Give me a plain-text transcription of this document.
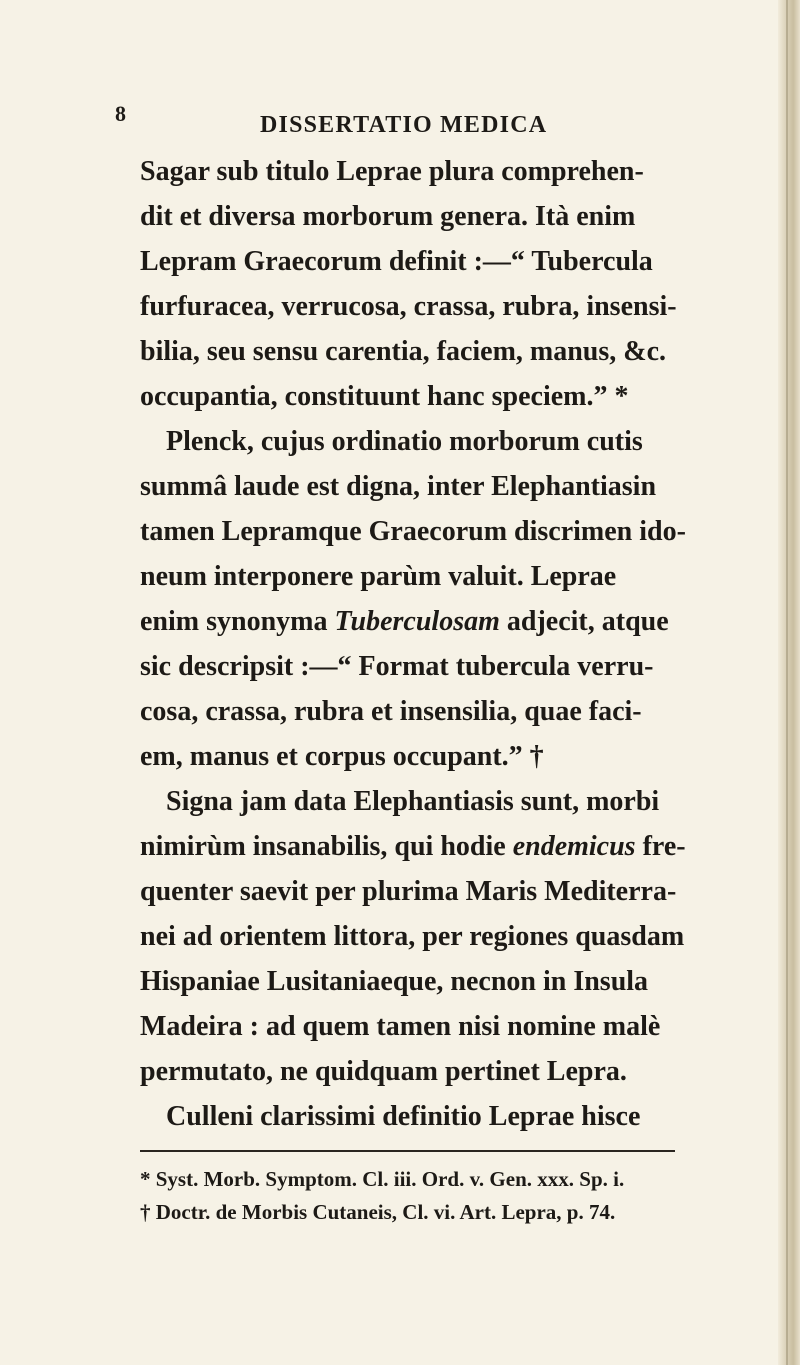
8	DISSERTATIO MEDICA
Sagar sub titulo Leprae plura comprehen-
dit et diversa morborum genera. Ità enim
Lepram Graecorum definit :—“ Tubercula
furfuracea, verrucosa, crassa, rubra, insensi-
bilia, seu sensu carentia, faciem, manus, &c.
occupantia, constituunt hanc speciem.” *
Plenck, cujus ordinatio morborum cutis
summâ laude est digna, inter Elephantiasin
tamen Lepramque Graecorum discrimen ido-
neum interponere parùm valuit. Leprae
enim synonyma Tuberculosam adjecit, atque
sic descripsit :—“ Format tubercula verru-
cosa, crassa, rubra et insensilia, quae faci-
em, manus et corpus occupant.” †
Signa jam data Elephantiasis sunt, morbi
nimirùm insanabilis, qui hodie endemicus fre-
quenter saevit per plurima Maris Mediterra-
nei ad orientem littora, per regiones quasdam
Hispaniae Lusitaniaeque, necnon in Insula
Madeira : ad quem tamen nisi nomine malè
permutato, ne quidquam pertinet Lepra.
Culleni clarissimi definitio Leprae hisce
* Syst. Morb. Symptom. Cl. iii. Ord. v. Gen. xxx. Sp. i.
† Doctr. de Morbis Cutaneis, Cl. vi. Art. Lepra, p. 74.
